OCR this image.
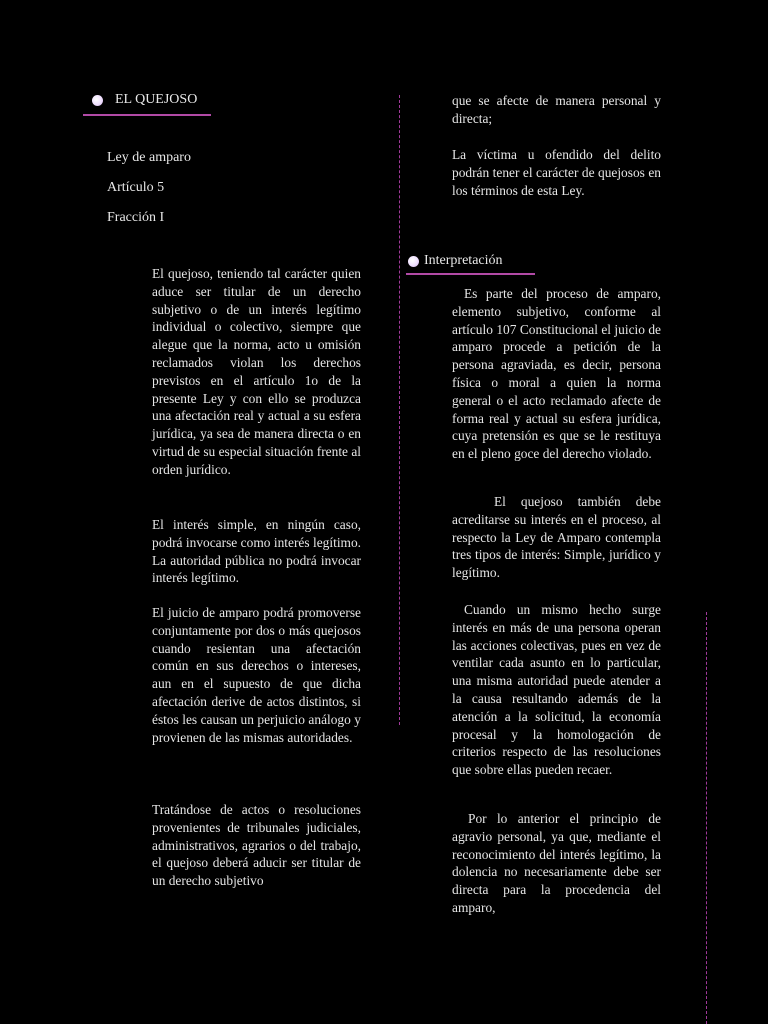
EL QUEJOSO
Ley de amparo
Artículo 5
Fracción I

El quejoso, teniendo tal carácter quien aduce ser titular de un derecho subjetivo o de un interés legítimo individual o colectivo, siempre que alegue que la norma, acto u omisión reclamados violan los derechos previstos en el artículo 1o de la presente Ley y con ello se produzca una afectación real y actual a su esfera jurídica, ya sea de manera directa o en virtud de su especial situación frente al orden jurídico.

El interés simple, en ningún caso, podrá invocarse como interés legítimo. La autoridad pública no podrá invocar interés legítimo.

El juicio de amparo podrá promoverse conjuntamente por dos o más quejosos cuando resientan una afectación común en sus derechos o intereses, aun en el supuesto de que dicha afectación derive de actos distintos, si éstos les causan un perjuicio análogo y provienen de las mismas autoridades.

Tratándose de actos o resoluciones provenientes de tribunales judiciales, administrativos, agrarios o del trabajo, el quejoso deberá aducir ser titular de un derecho subjetivo

que se afecte de manera personal y directa;

La víctima u ofendido del delito podrán tener el carácter de quejosos en los términos de esta Ley.

Interpretación

Es parte del proceso de amparo, elemento subjetivo, conforme al artículo 107 Constitucional el juicio de amparo procede a petición de la persona agraviada, es decir, persona física o moral a quien la norma general o el acto reclamado afecte de forma real y actual su esfera jurídica, cuya pretensión es que se le restituya en el pleno goce del derecho violado.

El quejoso también debe acreditarse su interés en el proceso, al respecto la Ley de Amparo contempla tres tipos de interés: Simple, jurídico y legítimo.

Cuando un mismo hecho surge interés en más de una persona operan las acciones colectivas, pues en vez de ventilar cada asunto en lo particular, una misma autoridad puede atender a la causa resultando además de la atención a la solicitud, la economía procesal y la homologación de criterios respecto de las resoluciones que sobre ellas pueden recaer.

Por lo anterior el principio de agravio personal, ya que, mediante el reconocimiento del interés legítimo, la dolencia no necesariamente debe ser directa para la procedencia del amparo,
